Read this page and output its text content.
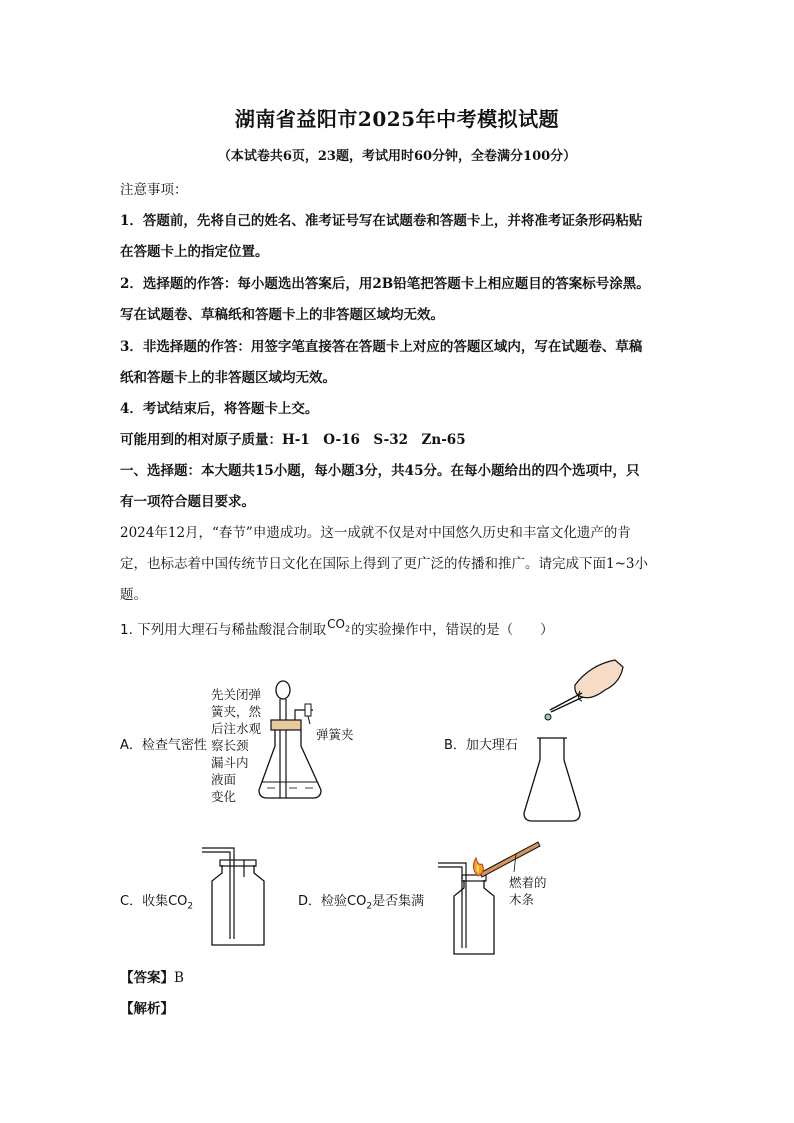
湖南省益阳市2025年中考模拟试题
（本试卷共6页，23题，考试用时60分钟，全卷满分100分）
注意事项：
1．答题前，先将自己的姓名、准考证号写在试题卷和答题卡上，并将准考证条形码粘贴
在答题卡上的指定位置。
2．选择题的作答：每小题选出答案后，用2B铅笔把答题卡上相应题目的答案标号涂黑。
写在试题卷、草稿纸和答题卡上的非答题区域均无效。
3．非选择题的作答：用签字笔直接答在答题卡上对应的答题区域内，写在试题卷、草稿
纸和答题卡上的非答题区域均无效。
4．考试结束后，将答题卡上交。
可能用到的相对原子质量：H-1　O-16　S-32　Zn-65
一、选择题：本大题共15小题，每小题3分，共45分。在每小题给出的四个选项中，只
有一项符合题目要求。
2024年12月，“春节”申遗成功。这一成就不仅是对中国悠久历史和丰富文化遗产的肯
定，也标志着中国传统节日文化在国际上得到了更广泛的传播和推广。请完成下面1~3小
题。
1. 下列用大理石与稀盐酸混合制取$CO_2$的实验操作中，错误的是（　　）
A．检查气密性
先关闭弹
簧夹，然
后注水观
察长颈
漏斗内
液面
变化
弹簧夹
B．加大理石
C．收集$CO_2$	D．检验$CO_2$是否集满
燃着的
木条
【答案】B
【解析】
